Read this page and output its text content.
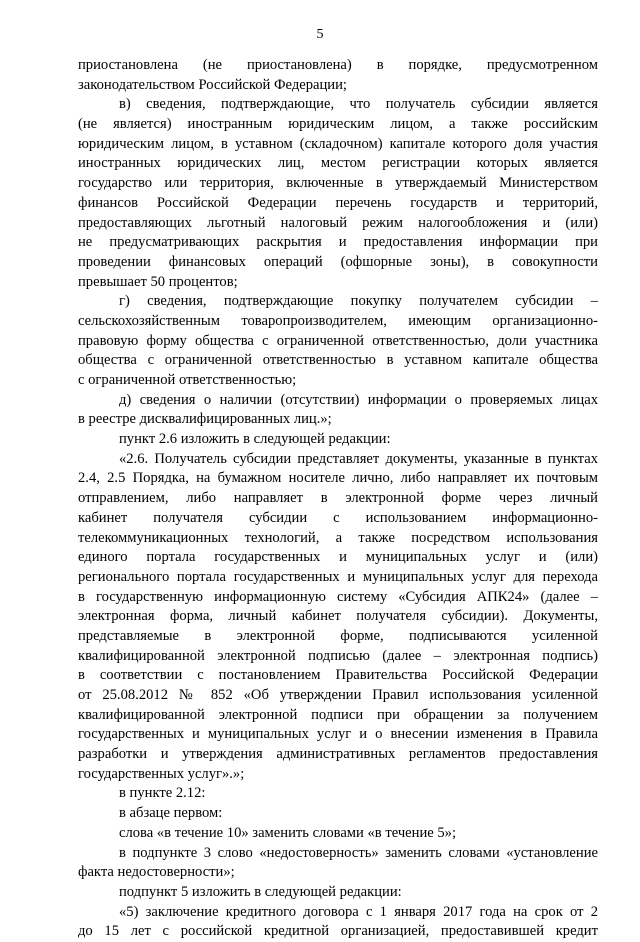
5
приостановлена (не приостановлена) в порядке, предусмотренном
законодательством Российской Федерации;
в) сведения, подтверждающие, что получатель субсидии является
(не является) иностранным юридическим лицом, а также российским
юридическим лицом, в уставном (складочном) капитале которого доля участия
иностранных юридических лиц, местом регистрации которых является
государство или территория, включенные в утверждаемый Министерством
финансов Российской Федерации перечень государств и территорий,
предоставляющих льготный налоговый режим налогообложения и (или)
не предусматривающих раскрытия и предоставления информации при
проведении финансовых операций (офшорные зоны), в совокупности
превышает 50 процентов;
г) сведения, подтверждающие покупку получателем субсидии –
сельскохозяйственным товаропроизводителем, имеющим организационно-
правовую форму общества с ограниченной ответственностью, доли участника
общества с ограниченной ответственностью в уставном капитале общества
с ограниченной ответственностью;
д) сведения о наличии (отсутствии) информации о проверяемых лицах
в реестре дисквалифицированных лиц.»;
пункт 2.6 изложить в следующей редакции:
«2.6. Получатель субсидии представляет документы, указанные в пунктах
2.4, 2.5 Порядка, на бумажном носителе лично, либо направляет их почтовым
отправлением, либо направляет в электронной форме через личный
кабинет получателя субсидии с использованием информационно-
телекоммуникационных технологий, а также посредством использования
единого портала государственных и муниципальных услуг и (или)
регионального портала государственных и муниципальных услуг для перехода
в государственную информационную систему «Субсидия АПК24» (далее –
электронная форма, личный кабинет получателя субсидии). Документы,
представляемые в электронной форме, подписываются усиленной
квалифицированной электронной подписью (далее – электронная подпись)
в соответствии с постановлением Правительства Российской Федерации
от 25.08.2012 № 852 «Об утверждении Правил использования усиленной
квалифицированной электронной подписи при обращении за получением
государственных и муниципальных услуг и о внесении изменения в Правила
разработки и утверждения административных регламентов предоставления
государственных услуг».»;
в пункте 2.12:
в абзаце первом:
слова «в течение 10» заменить словами «в течение 5»;
в подпункте 3 слово «недостоверность» заменить словами «установление
факта недостоверности»;
подпункт 5 изложить в следующей редакции:
«5) заключение кредитного договора с 1 января 2017 года на срок от 2
до 15 лет с российской кредитной организацией, предоставившей кредит
